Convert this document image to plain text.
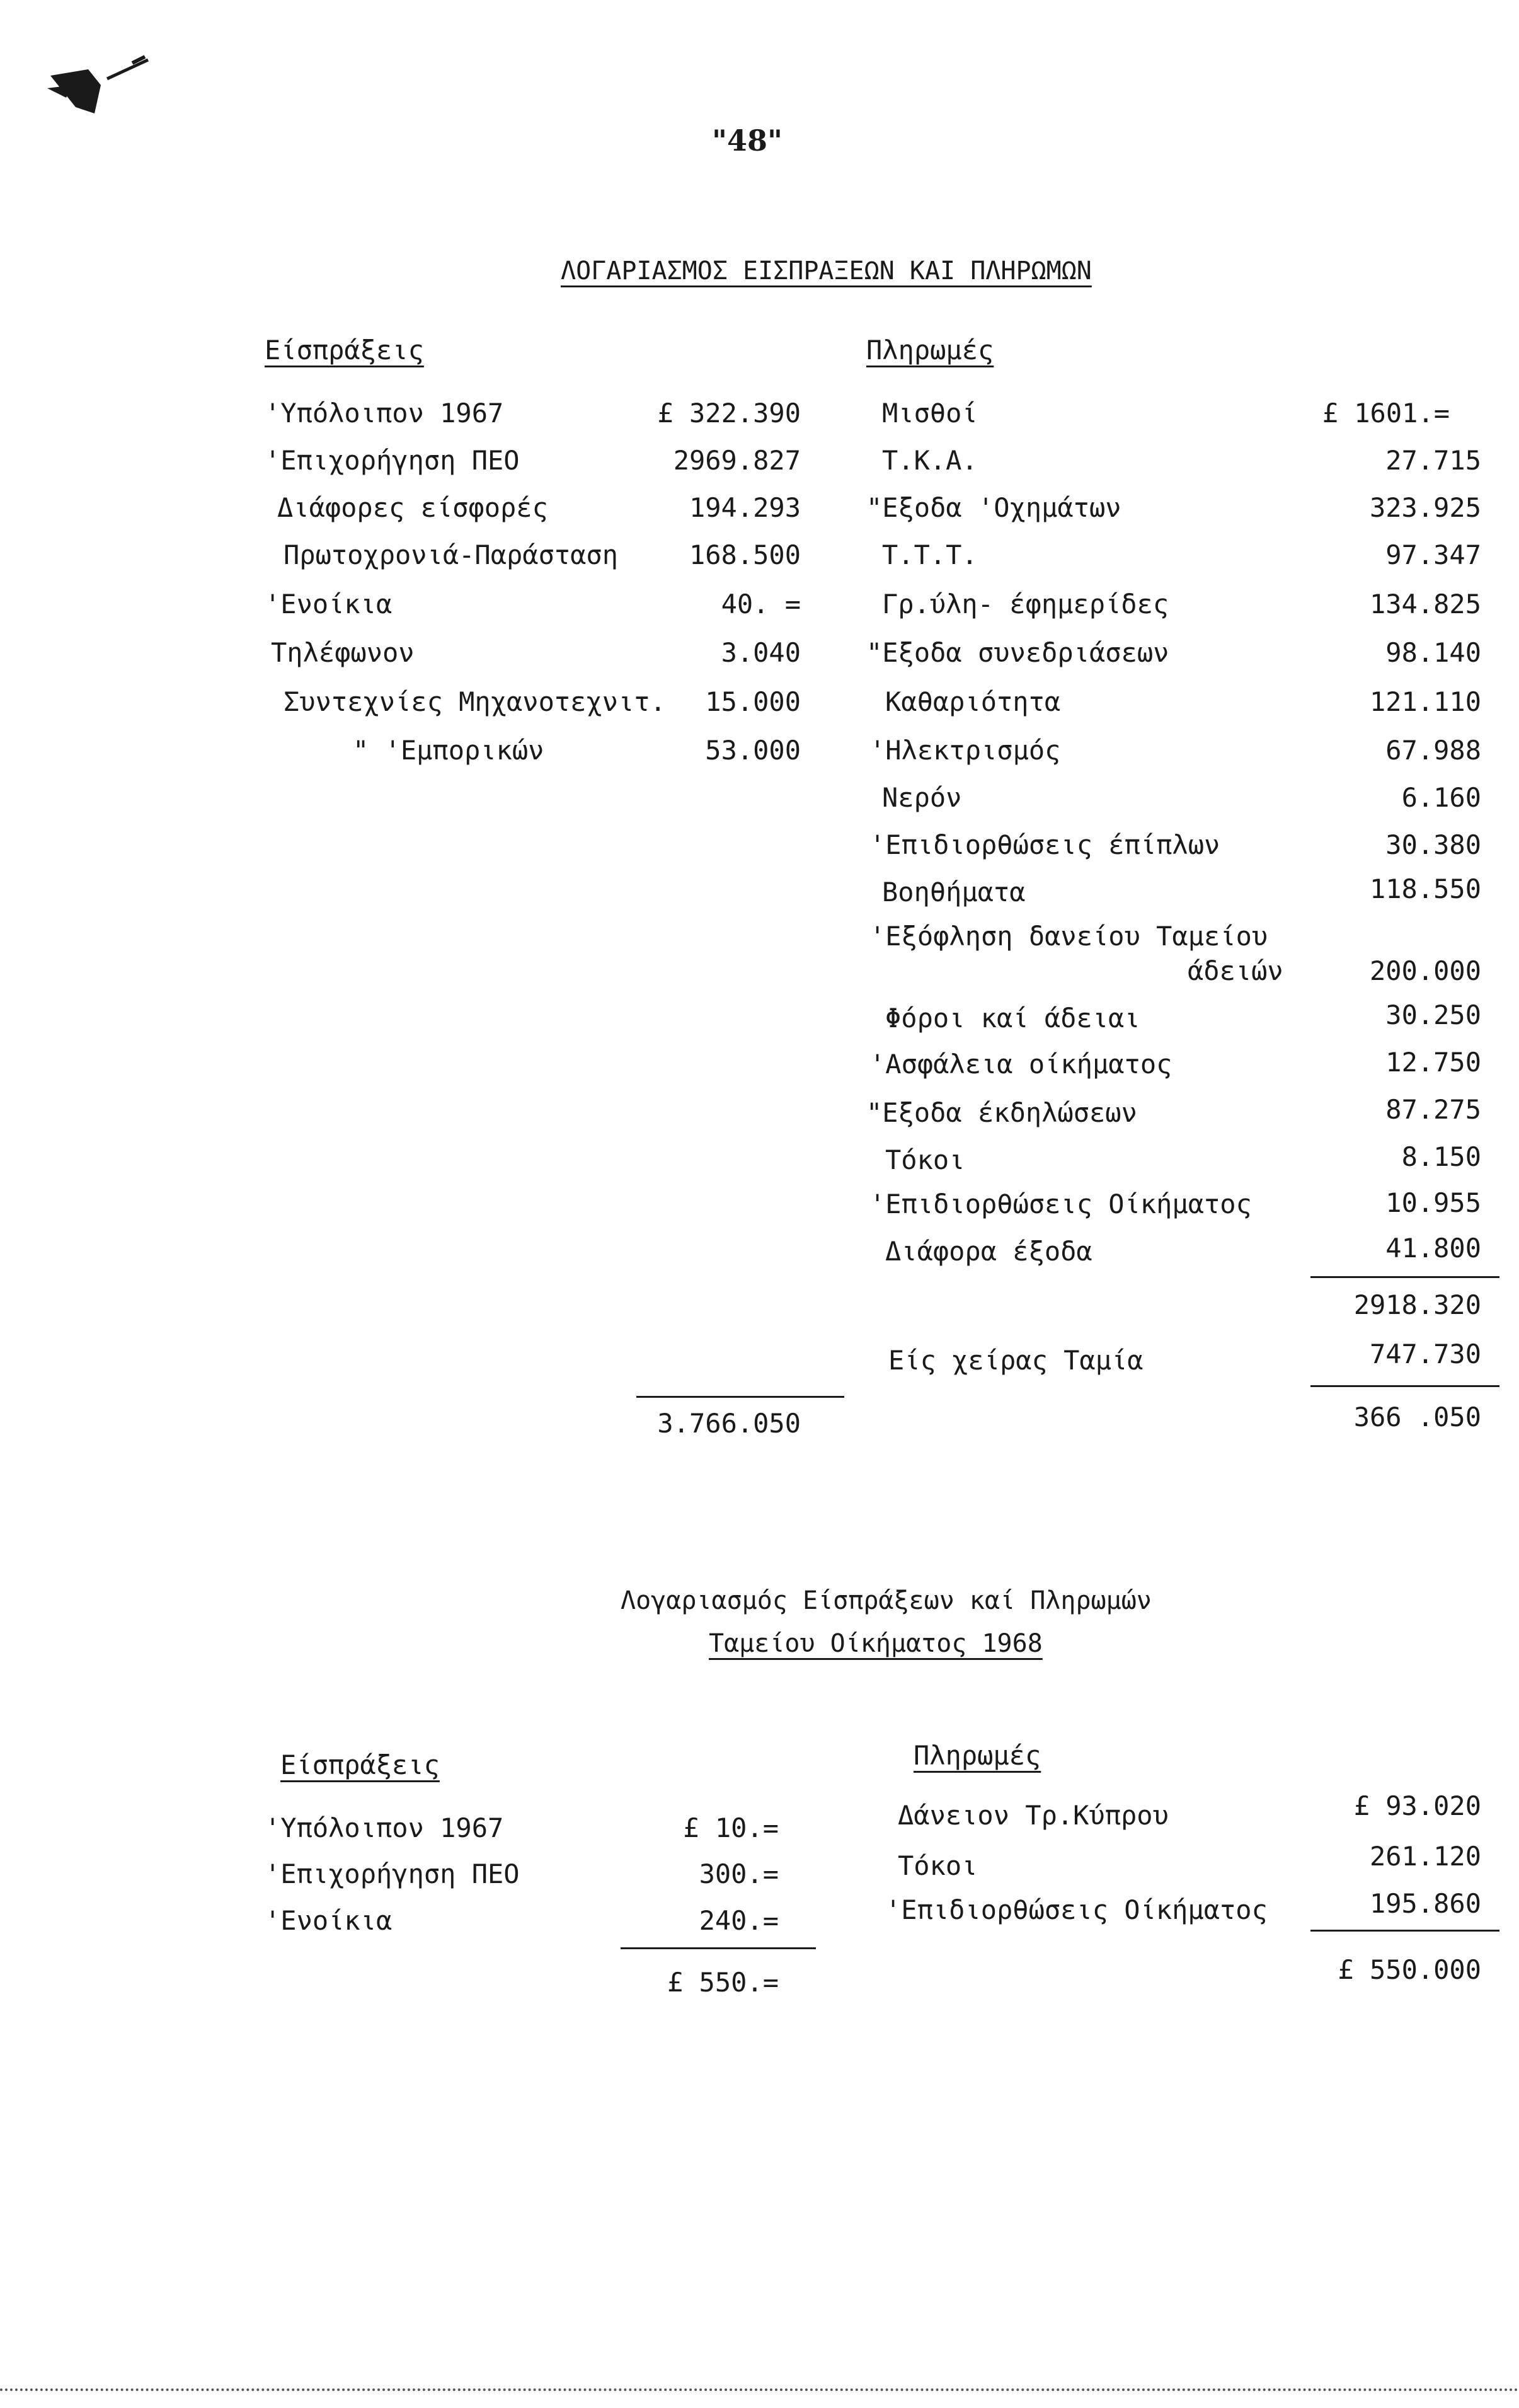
"48"
ΛΟΓΑΡΙΑΣΜΟΣ ΕΙΣΠΡΑΞΕΩΝ ΚΑΙ ΠΛΗΡΩΜΩΝ
Είσπράξεις	Πληρωμές
'Υπόλοιπον 1967	£ 322.390
'Επιχορήγηση ΠΕΟ	2969.827
Διάφορες είσφορές	194.293
Πρωτοχρονιά-Παράσταση	168.500
'Ενοίκια	40. =
Τηλέφωνον	3.040
Συντεχνίες Μηχανοτεχνιτ. 15.000
" 'Εμπορικών	53.000
3.766.050
Μισθοί	£ 1601.=
Τ.Κ.Α.	27.715
"Εξοδα 'Οχημάτων	323.925
Τ.Τ.Τ.	97.347
Γρ.ύλη- έφημερίδες	134.825
"Εξοδα συνεδριάσεων	98.140
Καθαριότητα	121.110
'Ηλεκτρισμός	67.988
Νερόν	6.160
'Επιδιορθώσεις έπίπλων	30.380
Βοηθήματα	118.550
'Εξόφληση δανείου Ταμείου
άδειών	200.000
Φόροι καί άδειαι	30.250
'Ασφάλεια οίκήματος	12.750
"Εξοδα έκδηλώσεων	87.275
Τόκοι	8.150
'Επιδιορθώσεις Οίκήματος	10.955
Διάφορα έξοδα	41.800
2918.320
Είς χείρας Ταμία	747.730
366 .050
Λογαριασμός Είσπράξεων καί Πληρωμών
Ταμείου Οίκήματος 1968
Είσπράξεις	Πληρωμές
'Υπόλοιπον 1967	£ 10.=
'Επιχορήγηση ΠΕΟ	300.=
'Ενοίκια	240.=
£ 550.=
Δάνειον Τρ.Κύπρου	£ 93.020
Τόκοι	261.120
'Επιδιορθώσεις Οίκήματος	195.860
£ 550.000
